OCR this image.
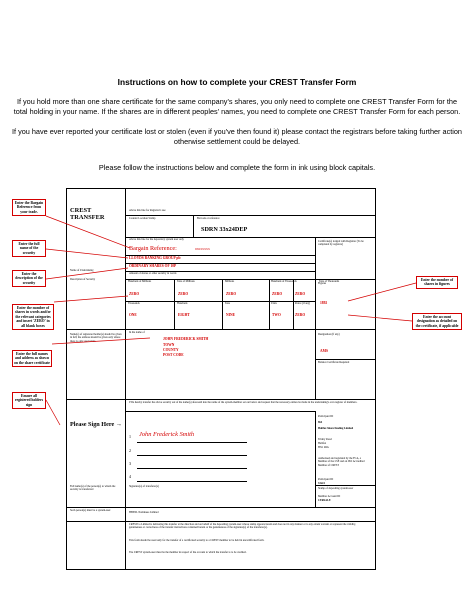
Instructions on how to complete your CREST Transfer Form
If you hold more than one share certificate for the same company's shares, you only need to complete one CREST Transfer Form for the total holding in your name. If the shares are in different peoples' names, you need to complete one CREST Transfer Form for each person.
If you have ever reported your certificate lost or stolen (even if you've then found it) please contact the registrars before taking further action otherwise settlement could be delayed.
Please follow the instructions below and complete the form in ink using block capitals.
CREST
TRANSFER
Above this line for Registrar's use
Counter Location Stamp	Barcode or reference
SDRN 33x24DEP
Above this line for the depositary system user only
Bargain Reference:	D6XXXXXX
Certificate(s) lodged with Registrar (To be completed by registrar)
Name of Undertaking
LLOYDS BANKING GROUP plc
Description of Security
ORDINARY SHARES OF 10P
Amount of shares or other security in words
Figures
1892
Hundreds of Millions	Tens of Millions	Millions	Hundreds of Thousands	Tens of Thousands
ZERO	ZERO	ZERO	ZERO	ZERO
Thousands	Hundreds	Tens	Units	Pence (if any)
ONE	EIGHT	NINE	TWO	ZERO
Name(s) of registered holder(s) should be given in full; the address should be given only where there is only one holder.
In the name of
JOHN FREDERICK SMITH
TOWN
COUNTY
POST CODE
Designation (if any)
AMS
Balance Certificate Required
I/We hereby transfer the above security out of the name(s) aforesaid into the name of the system-member set out below and request that the necessary entries be made in the undertaking's own register of members.
Please Sign Here →
1 John Frederick Smith
2
3
4
Signature(s) of transferor(s)
Participant ID
964
Halifax Share Dealing Limited
Trinity Road
Halifax
HX1 2RG
Authorised and regulated by the FCA, a Member of the LSE and an ISO Accredited Member of CREST
Stamp of depositing system-user
Full name(s) of the person(s) to whom the security is transferred
Such person(s) must be a system-user
HBSNL Nominees Limited
Member Account ID
CERSALE
Participant ID
33x24
CRESTCo Limited is delivering this transfer at the direction and on behalf of the depositing system-user whose stamp appears herein and does not in any manner or to any extent warrant or represent the validity, genuineness or correctness of the transfer instructions contained herein or the genuineness of the signature(s) of the transferor(s).
This form should be used only for the transfer of a certificated security to a CREST member to be held in uncertificated form.
The CREST system-user must be the member in respect of the account to which the transfer is to be credited.
Enter the Bargain Reference from your trade.
Enter the full name of the security
Enter the description of the security
Enter the number of shares in words and/or the relevant categories and insert 'ZERO' in all blank boxes
Enter the full names and address as shown on the share certificate
Ensure all registered holders sign
Enter the number of shares in figures
Enter the account designation as detailed on the certificate, if applicable
